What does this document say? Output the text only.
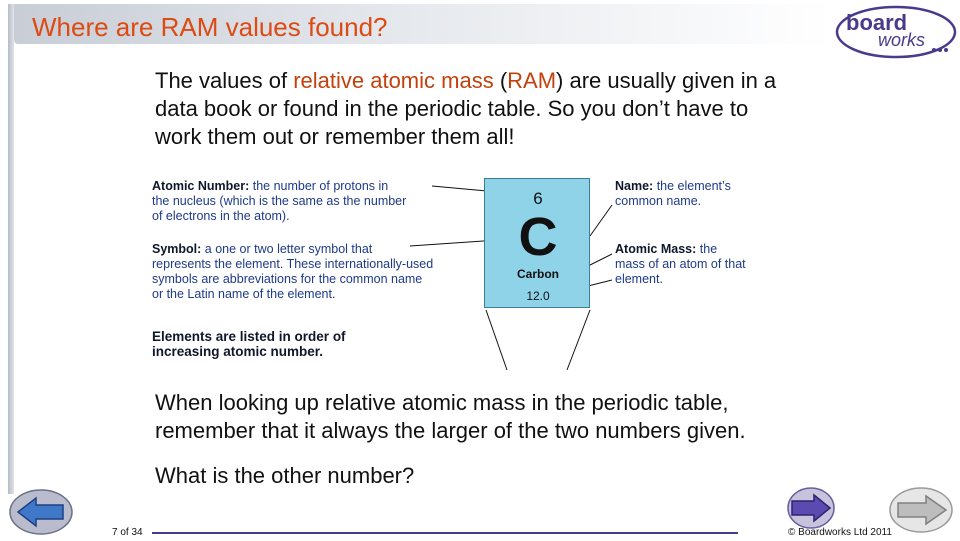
Where are RAM values found?	board
works
The values of relative atomic mass (RAM) are usually given in a data book or found in the periodic table. So you don’t have to work them out or remember them all!
6
C
Carbon
12.0
Atomic Number: the number of protons in
the nucleus (which is the same as the number
of electrons in the atom).
Symbol: a one or two letter symbol that
represents the element. These internationally-used
symbols are abbreviations for the common name
or the Latin name of the element.
Elements are listed in order of
increasing atomic number.
Name: the element’s
common name.
Atomic Mass: the
mass of an atom of that
element.
When looking up relative atomic mass in the periodic table, remember that it always the larger of the two numbers given.
What is the other number?
7 of 34	© Boardworks Ltd 2011
